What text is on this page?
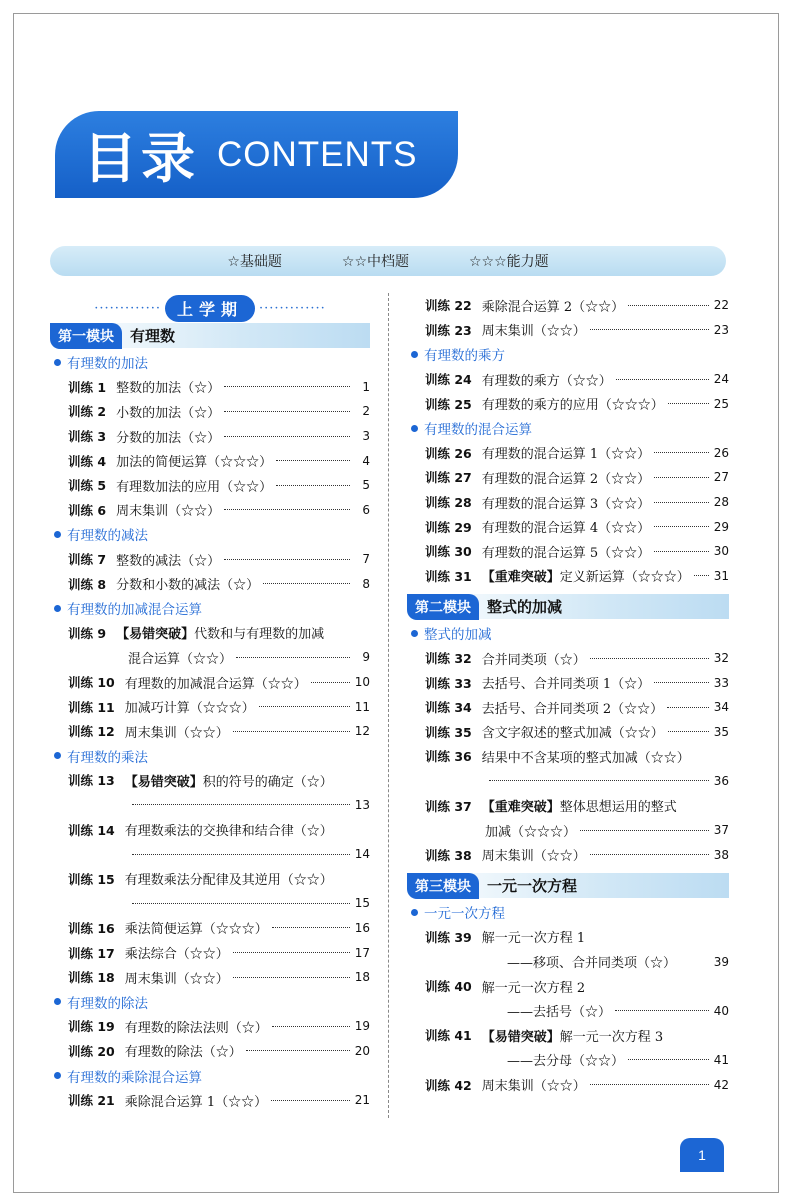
目录 CONTENTS
☆基础题	☆☆中档题	☆☆☆能力题
·············	上学期	·············
第一模块	有理数
有理数的加法
训练 1 整数的加法（☆）	1
训练 2 小数的加法（☆）	2
训练 3 分数的加法（☆）	3
训练 4 加法的简便运算（☆☆☆）	4
训练 5 有理数加法的应用（☆☆）	5
训练 6 周末集训（☆☆）	6
有理数的减法
训练 7 整数的减法（☆）	7
训练 8 分数和小数的减法（☆）	8
有理数的加减混合运算
训练 9 【易错突破】 代数和与有理数的加减
混合运算（☆☆）	9
训练 10 有理数的加减混合运算（☆☆）	10
训练 11 加减巧计算（☆☆☆）	11
训练 12 周末集训（☆☆）	12
有理数的乘法
训练 13 【易错突破】 积的符号的确定（☆）
13
训练 14 有理数乘法的交换律和结合律（☆）
14
训练 15 有理数乘法分配律及其逆用（☆☆）
15
训练 16 乘法简便运算（☆☆☆）	16
训练 17 乘法综合（☆☆）	17
训练 18 周末集训（☆☆）	18
有理数的除法
训练 19 有理数的除法法则（☆）	19
训练 20 有理数的除法（☆）	20
有理数的乘除混合运算
训练 21 乘除混合运算 1（☆☆）	21
训练 22 乘除混合运算 2（☆☆）	22
训练 23 周末集训（☆☆）	23
有理数的乘方
训练 24 有理数的乘方（☆☆）	24
训练 25 有理数的乘方的应用（☆☆☆）	25
有理数的混合运算
训练 26 有理数的混合运算 1（☆☆）	26
训练 27 有理数的混合运算 2（☆☆）	27
训练 28 有理数的混合运算 3（☆☆）	28
训练 29 有理数的混合运算 4（☆☆）	29
训练 30 有理数的混合运算 5（☆☆）	30
训练 31 【重难突破】 定义新运算（☆☆☆） 31
第二模块	整式的加减
整式的加减
训练 32 合并同类项（☆）	32
训练 33 去括号、合并同类项 1（☆）	33
训练 34 去括号、合并同类项 2（☆☆）	34
训练 35 含文字叙述的整式加减（☆☆）	35
训练 36 结果中不含某项的整式加减（☆☆）
36
训练 37 【重难突破】 整体思想运用的整式
加减（☆☆☆）	37
训练 38 周末集训（☆☆）	38
第三模块	一元一次方程
一元一次方程
训练 39 解一元一次方程 1
——移项、合并同类项（☆）	39
训练 40 解一元一次方程 2
——去括号（☆）	40
训练 41 【易错突破】 解一元一次方程 3
——去分母（☆☆）	41
训练 42 周末集训（☆☆）	42
1
